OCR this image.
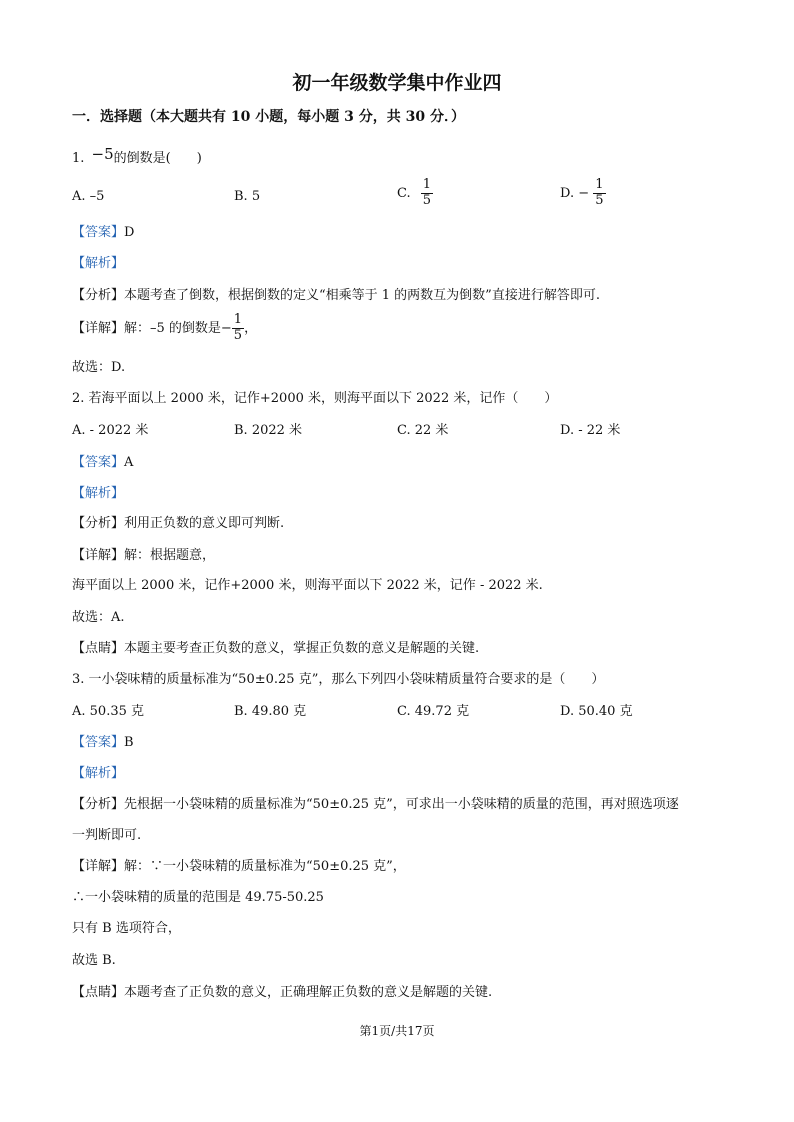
初一年级数学集中作业四
一．选择题（本大题共有 10 小题，每小题 3 分，共 30 分．）
1. −5的倒数是(　　)
A. –5	B. 5	C. $\frac{1}{5}$	D. − $\frac{1}{5}$
【答案】D
【解析】
【分析】本题考查了倒数，根据倒数的定义“相乘等于 1 的两数互为倒数”直接进行解答即可.
【详解】解：–5 的倒数是− $\frac{1}{5}$ ，
故选：D.
2. 若海平面以上 2000 米，记作+2000 米，则海平面以下 2022 米，记作（　　）
A. - 2022 米	B. 2022 米	C. 22 米	D. - 22 米
【答案】A
【解析】
【分析】利用正负数的意义即可判断.
【详解】解：根据题意，
海平面以上 2000 米，记作+2000 米，则海平面以下 2022 米，记作 - 2022 米.
故选：A.
【点睛】本题主要考查正负数的意义，掌握正负数的意义是解题的关键.
3. 一小袋味精的质量标准为“50±0.25 克”，那么下列四小袋味精质量符合要求的是（　　）
A. 50.35 克	B. 49.80 克	C. 49.72 克	D. 50.40 克
【答案】B
【解析】
【分析】先根据一小袋味精的质量标准为“50±0.25 克”，可求出一小袋味精的质量的范围，再对照选项逐
一判断即可.
【详解】解：∵一小袋味精的质量标准为“50±0.25 克”，
∴一小袋味精的质量的范围是 49.75-50.25
只有 B 选项符合，
故选 B.
【点睛】本题考查了正负数的意义，正确理解正负数的意义是解题的关键.
第1页/共17页
